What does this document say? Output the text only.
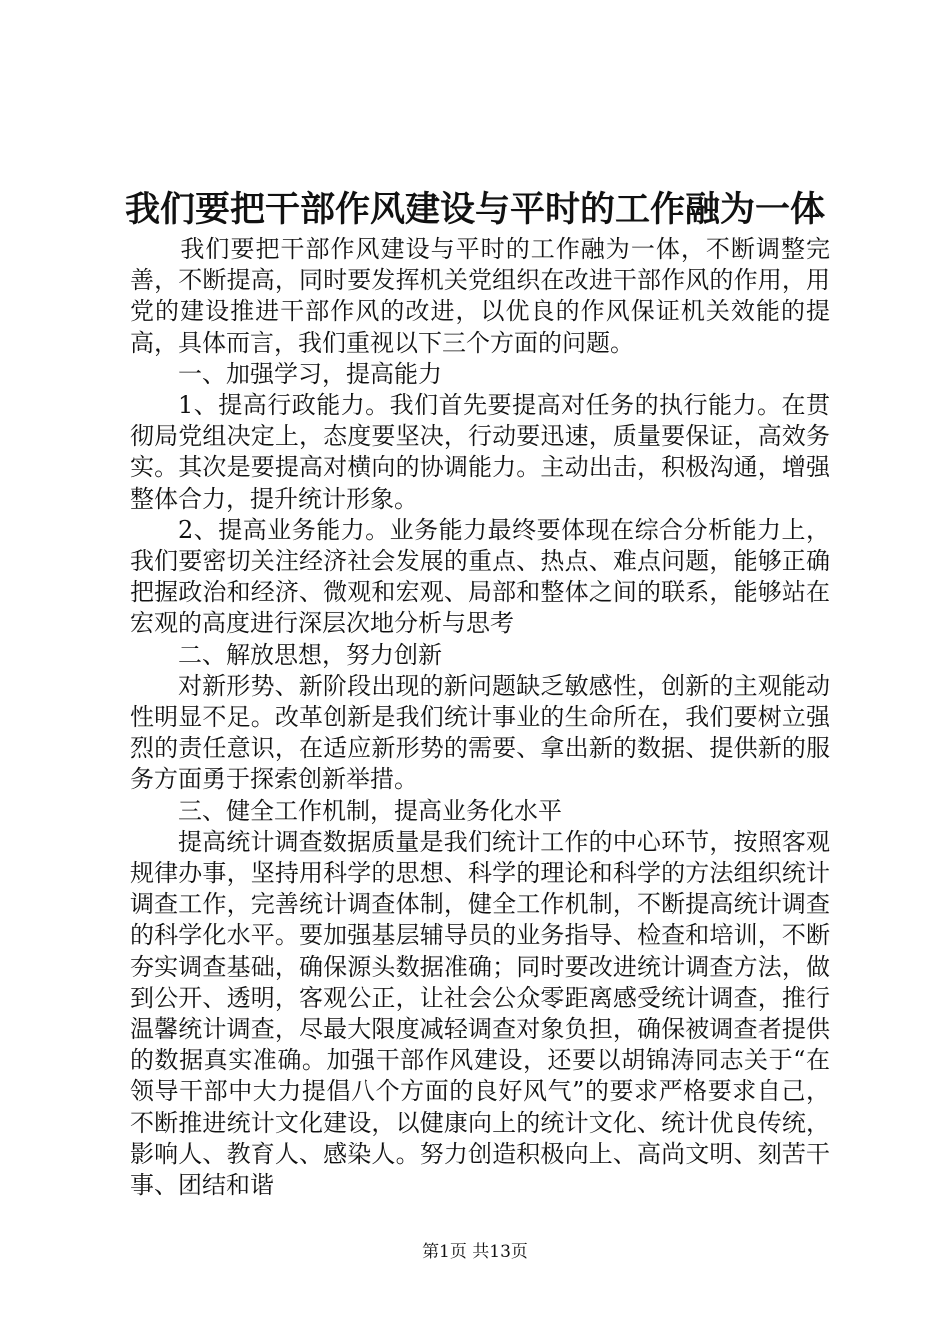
我们要把干部作风建设与平时的工作融为一体

我们要把干部作风建设与平时的工作融为一体，不断调整完善，不断提高，同时要发挥机关党组织在改进干部作风的作用，用党的建设推进干部作风的改进，以优良的作风保证机关效能的提高，具体而言，我们重视以下三个方面的问题。

一、加强学习，提高能力

1、提高行政能力。我们首先要提高对任务的执行能力。在贯彻局党组决定上，态度要坚决，行动要迅速，质量要保证，高效务实。其次是要提高对横向的协调能力。主动出击，积极沟通，增强整体合力，提升统计形象。

2、提高业务能力。业务能力最终要体现在综合分析能力上，我们要密切关注经济社会发展的重点、热点、难点问题，能够正确把握政治和经济、微观和宏观、局部和整体之间的联系，能够站在宏观的高度进行深层次地分析与思考

二、解放思想，努力创新

对新形势、新阶段出现的新问题缺乏敏感性，创新的主观能动性明显不足。改革创新是我们统计事业的生命所在，我们要树立强烈的责任意识，在适应新形势的需要、拿出新的数据、提供新的服务方面勇于探索创新举措。

三、健全工作机制，提高业务化水平

提高统计调查数据质量是我们统计工作的中心环节，按照客观规律办事，坚持用科学的思想、科学的理论和科学的方法组织统计调查工作，完善统计调查体制，健全工作机制，不断提高统计调查的科学化水平。要加强基层辅导员的业务指导、检查和培训，不断夯实调查基础，确保源头数据准确；同时要改进统计调查方法，做到公开、透明，客观公正，让社会公众零距离感受统计调查，推行温馨统计调查，尽最大限度减轻调查对象负担，确保被调查者提供的数据真实准确。加强干部作风建设，还要以胡锦涛同志关于“在领导干部中大力提倡八个方面的良好风气”的要求严格要求自己，不断推进统计文化建设，以健康向上的统计文化、统计优良传统，影响人、教育人、感染人。努力创造积极向上、高尚文明、刻苦干事、团结和谐

第1页 共13页
